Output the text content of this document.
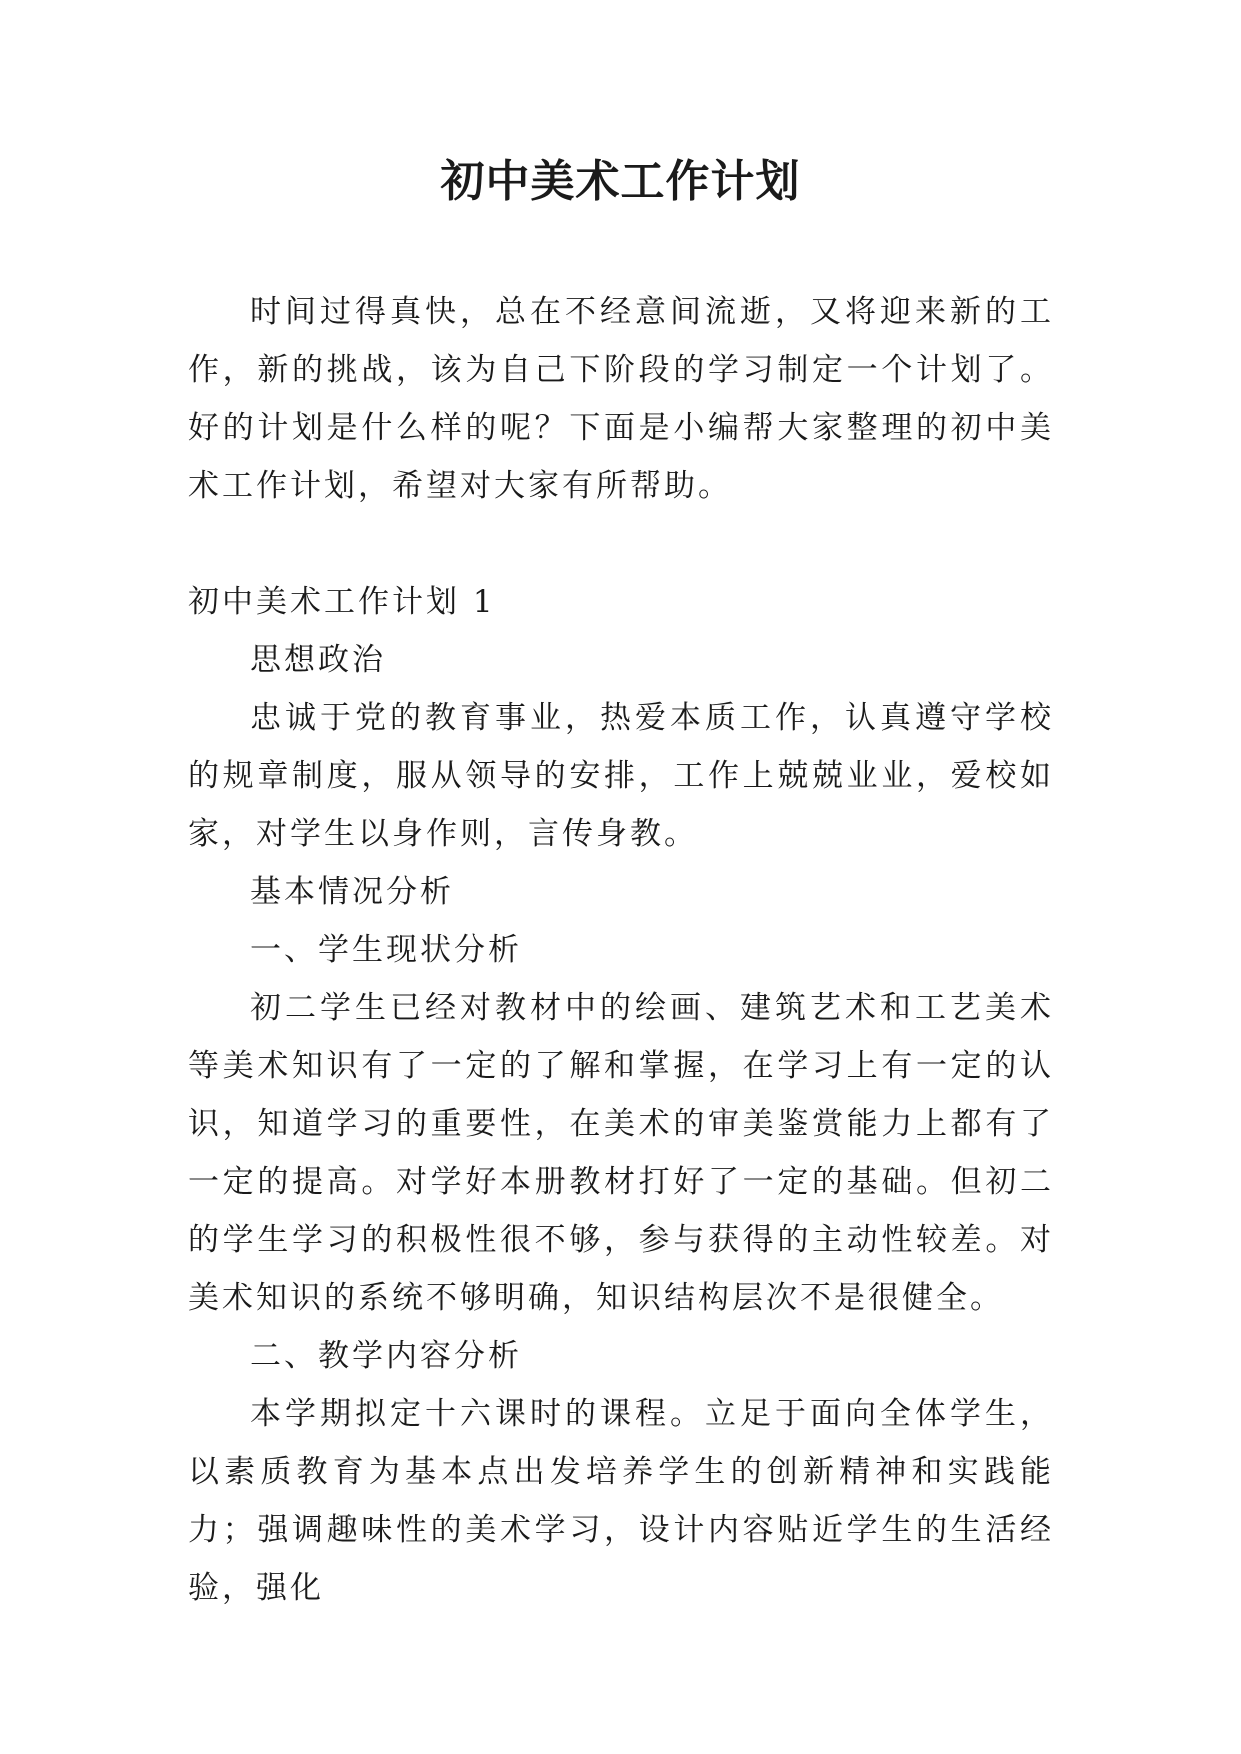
初中美术工作计划

时间过得真快，总在不经意间流逝，又将迎来新的工作，新的挑战，该为自己下阶段的学习制定一个计划了。好的计划是什么样的呢？下面是小编帮大家整理的初中美术工作计划，希望对大家有所帮助。

初中美术工作计划 1

思想政治

忠诚于党的教育事业，热爱本质工作，认真遵守学校的规章制度，服从领导的安排，工作上兢兢业业，爱校如家，对学生以身作则，言传身教。

基本情况分析

一、学生现状分析

初二学生已经对教材中的绘画、建筑艺术和工艺美术等美术知识有了一定的了解和掌握，在学习上有一定的认识，知道学习的重要性，在美术的审美鉴赏能力上都有了一定的提高。对学好本册教材打好了一定的基础。但初二的学生学习的积极性很不够，参与获得的主动性较差。对美术知识的系统不够明确，知识结构层次不是很健全。

二、教学内容分析

本学期拟定十六课时的课程。立足于面向全体学生，以素质教育为基本点出发培养学生的创新精神和实践能力；强调趣味性的美术学习，设计内容贴近学生的生活经验，强化
